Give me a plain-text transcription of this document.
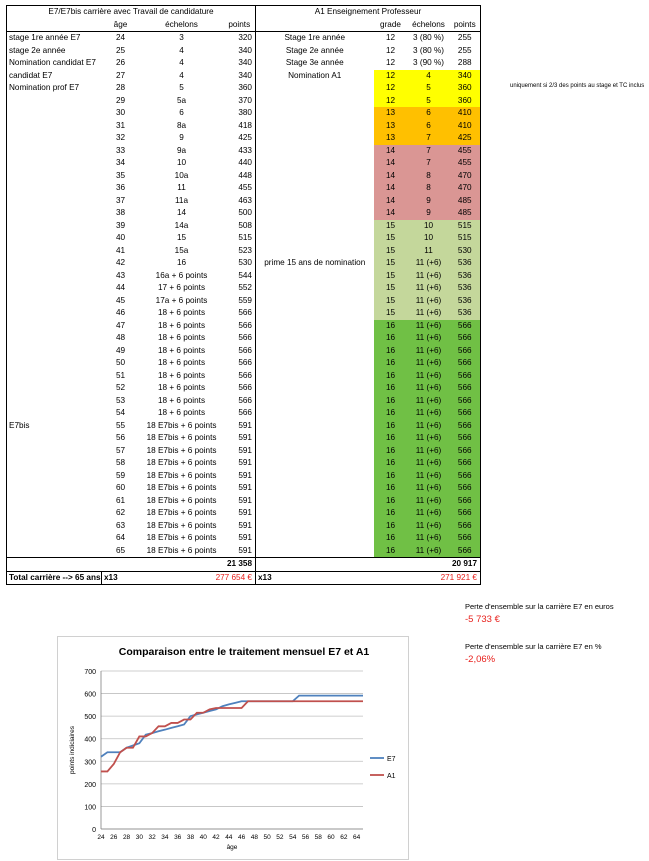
E7/E7bis carrière avec Travail de candidature				A1 Enseignement Professeur			
	âge	échelons	points		grade	échelons	points
stage 1re année E7	24	3	320	Stage 1re année	12	3 (80 %)	255
stage 2e année	25	4	340	Stage 2e année	12	3 (80 %)	255
Nomination candidat E7	26	4	340	Stage 3e année	12	3 (90 %)	288
candidat E7	27	4	340	Nomination A1	12	4	340
Nomination prof E7	28	5	360		12	5	360
	29	5a	370		12	5	360
	30	6	380		13	6	410
	31	8a	418		13	6	410
	32	9	425		13	7	425
	33	9a	433		14	7	455
	34	10	440		14	7	455
	35	10a	448		14	8	470
	36	11	455		14	8	470
	37	11a	463		14	9	485
	38	14	500		14	9	485
	39	14a	508		15	10	515
	40	15	515		15	10	515
	41	15a	523		15	11	530
	42	16	530	prime 15 ans de nomination	15	11 (+6)	536
	43	16a + 6 points	544		15	11 (+6)	536
	44	17 + 6 points	552		15	11 (+6)	536
	45	17a + 6 points	559		15	11 (+6)	536
	46	18 + 6 points	566		15	11 (+6)	536
	47	18 + 6 points	566		16	11 (+6)	566
	48	18 + 6 points	566		16	11 (+6)	566
	49	18 + 6 points	566		16	11 (+6)	566
	50	18 + 6 points	566		16	11 (+6)	566
	51	18 + 6 points	566		16	11 (+6)	566
	52	18 + 6 points	566		16	11 (+6)	566
	53	18 + 6 points	566		16	11 (+6)	566
	54	18 + 6 points	566		16	11 (+6)	566
E7bis	55	18 E7bis + 6 points	591		16	11 (+6)	566
	56	18 E7bis + 6 points	591		16	11 (+6)	566
	57	18 E7bis + 6 points	591		16	11 (+6)	566
	58	18 E7bis + 6 points	591		16	11 (+6)	566
	59	18 E7bis + 6 points	591		16	11 (+6)	566
	60	18 E7bis + 6 points	591		16	11 (+6)	566
	61	18 E7bis + 6 points	591		16	11 (+6)	566
	62	18 E7bis + 6 points	591		16	11 (+6)	566
	63	18 E7bis + 6 points	591		16	11 (+6)	566
	64	18 E7bis + 6 points	591		16	11 (+6)	566
	65	18 E7bis + 6 points	591		16	11 (+6)	566
			21 358				20 917
Total carrière --> 65 ans	x13	277 654 €		x13	271 921 €		
uniquement si 2/3 des points au stage et TC inclus
Perte d'ensemble sur la carrière E7 en euros
-5 733 €
Perte d'ensemble sur la carrière E7 en %
-2,06%
Comparaison entre le traitement mensuel E7 et A1
0
100
200
300
400
500
600
700
24 26 28 30 32 34 36 38 40 42 44 46 48 50 52 54 56 58 60 62 64
âge
points indiciaires	E7
A1
